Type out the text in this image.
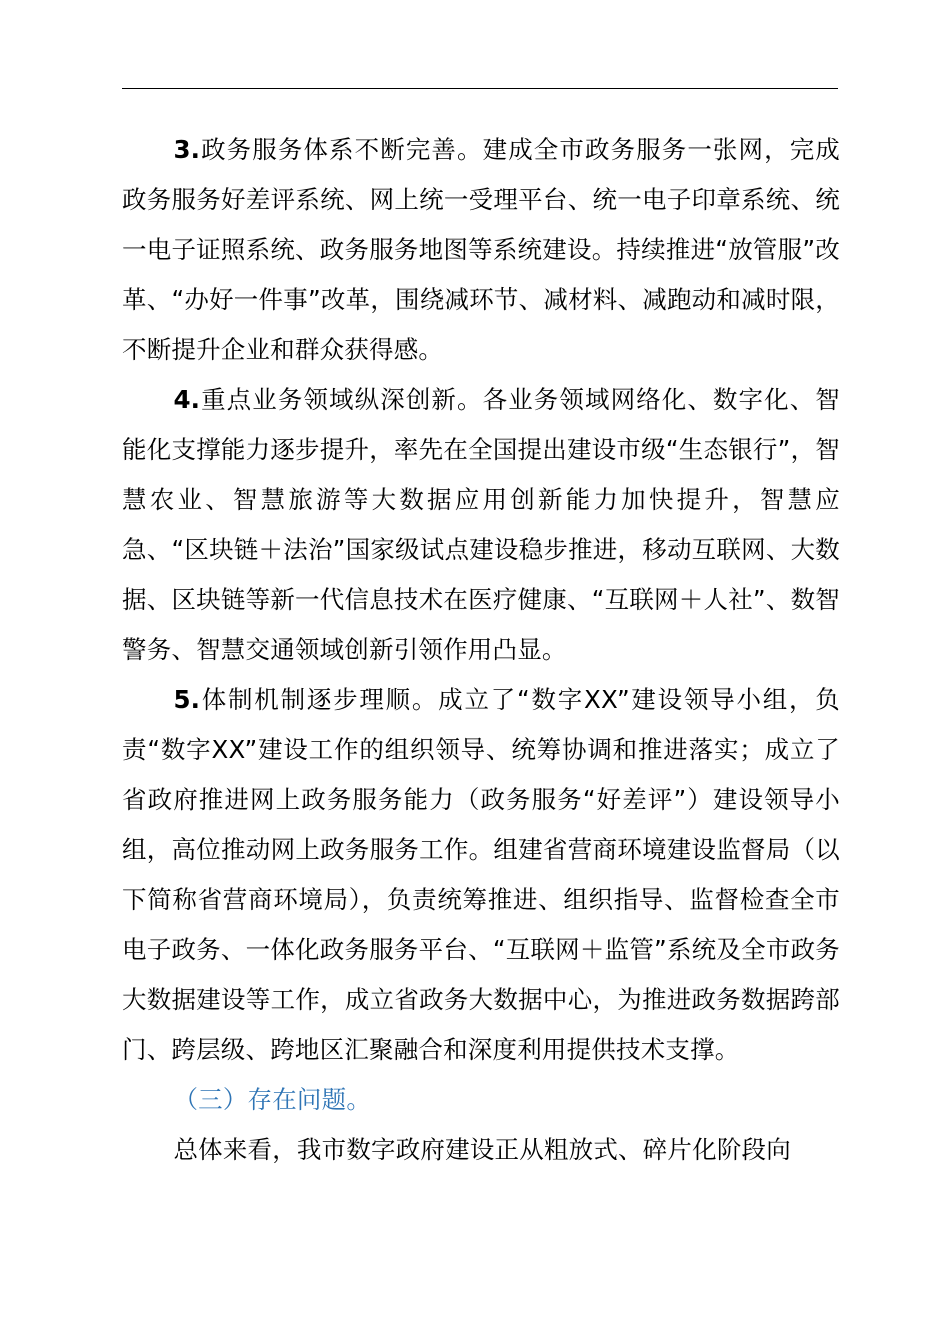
3.政务服务体系不断完善。建成全市政务服务一张网，完成政务服务好差评系统、网上统一受理平台、统一电子印章系统、统一电子证照系统、政务服务地图等系统建设。持续推进“放管服”改革、“办好一件事”改革，围绕减环节、减材料、减跑动和减时限，不断提升企业和群众获得感。

4.重点业务领域纵深创新。各业务领域网络化、数字化、智能化支撑能力逐步提升，率先在全国提出建设市级“生态银行”，智慧农业、智慧旅游等大数据应用创新能力加快提升，智慧应急、“区块链＋法治”国家级试点建设稳步推进，移动互联网、大数据、区块链等新一代信息技术在医疗健康、“互联网＋人社”、数智警务、智慧交通领域创新引领作用凸显。

5.体制机制逐步理顺。成立了“数字XX”建设领导小组，负责“数字XX”建设工作的组织领导、统筹协调和推进落实；成立了省政府推进网上政务服务能力（政务服务“好差评”）建设领导小组，高位推动网上政务服务工作。组建省营商环境建设监督局（以下简称省营商环境局），负责统筹推进、组织指导、监督检查全市电子政务、一体化政务服务平台、“互联网＋监管”系统及全市政务大数据建设等工作，成立省政务大数据中心，为推进政务数据跨部门、跨层级、跨地区汇聚融合和深度利用提供技术支撑。

（三）存在问题。

总体来看，我市数字政府建设正从粗放式、碎片化阶段向
